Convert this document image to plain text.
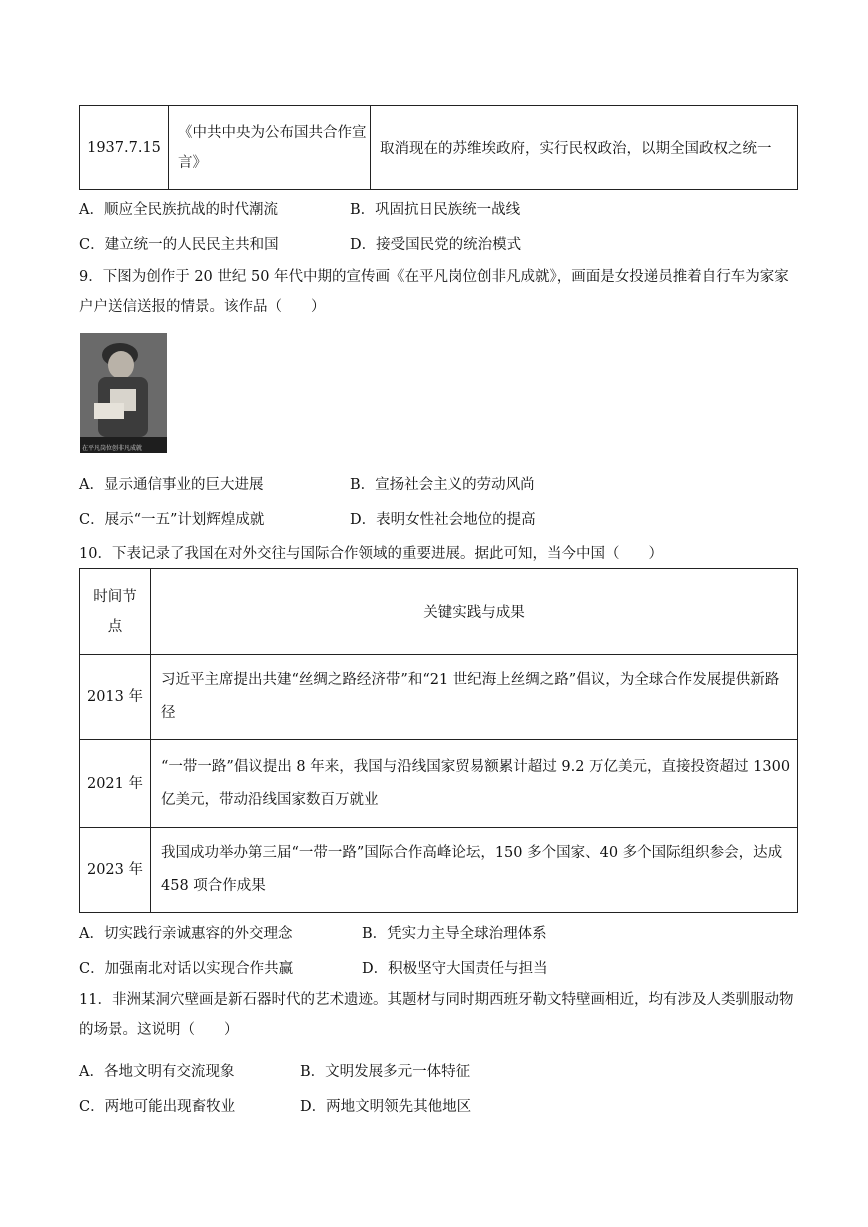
1937.7.15	《中共中央为公布国共合作宣言》	取消现在的苏维埃政府，实行民权政治，以期全国政权之统一
A．顺应全民族抗战的时代潮流	B．巩固抗日民族统一战线
C．建立统一的人民民主共和国	D．接受国民党的统治模式
9．下图为创作于 20 世纪 50 年代中期的宣传画《在平凡岗位创非凡成就》，画面是女投递员推着自行车为家家户户送信送报的情景。该作品（　　）
在平凡岗位创非凡成就
A．显示通信事业的巨大进展	B．宣扬社会主义的劳动风尚
C．展示“一五”计划辉煌成就	D．表明女性社会地位的提高
10．下表记录了我国在对外交往与国际合作领域的重要进展。据此可知，当今中国（　　）
时间节点	关键实践与成果
2013 年	习近平主席提出共建“丝绸之路经济带”和“21 世纪海上丝绸之路”倡议，为全球合作发展提供新路径
2021 年	“一带一路”倡议提出 8 年来，我国与沿线国家贸易额累计超过 9.2 万亿美元，直接投资超过 1300 亿美元，带动沿线国家数百万就业
2023 年	我国成功举办第三届“一带一路”国际合作高峰论坛，150 多个国家、40 多个国际组织参会，达成 458 项合作成果
A．切实践行亲诚惠容的外交理念	B．凭实力主导全球治理体系
C．加强南北对话以实现合作共赢	D．积极坚守大国责任与担当
11．非洲某洞穴壁画是新石器时代的艺术遗迹。其题材与同时期西班牙勒文特壁画相近，均有涉及人类驯服动物的场景。这说明（　　）
A．各地文明有交流现象	B．文明发展多元一体特征
C．两地可能出现畜牧业	D．两地文明领先其他地区
